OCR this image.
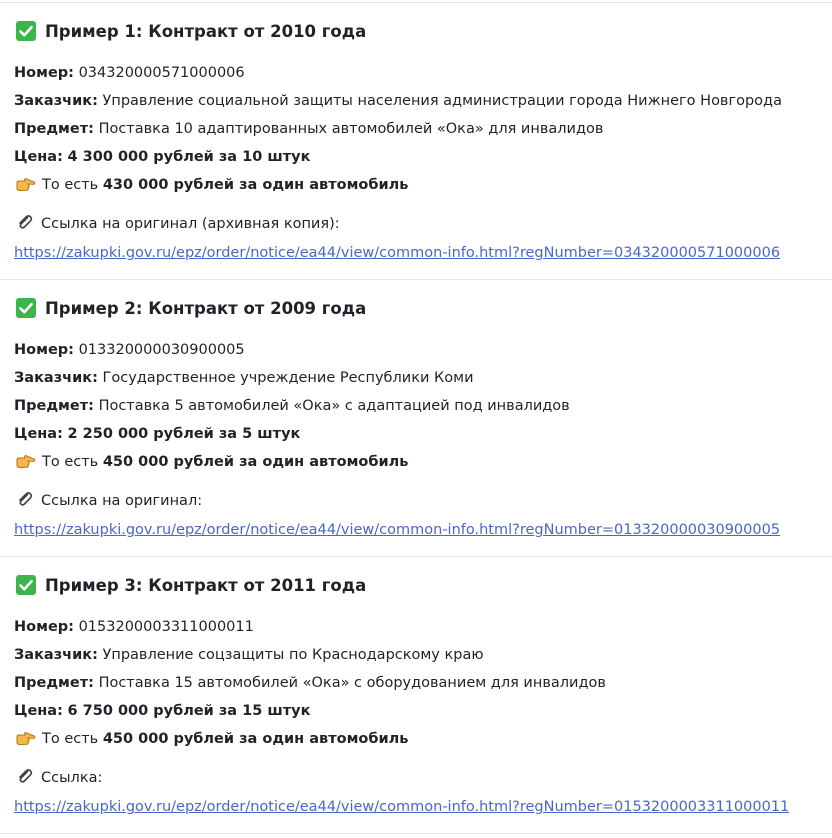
Пример 1: Контракт от 2010 года
Номер: 034320000571000006
Заказчик: Управление социальной защиты населения администрации города Нижнего Новгорода
Предмет: Поставка 10 адаптированных автомобилей «Ока» для инвалидов
Цена: 4 300 000 рублей за 10 штук
То есть 430 000 рублей за один автомобиль
Ссылка на оригинал (архивная копия):
https://zakupki.gov.ru/epz/order/notice/ea44/view/common-info.html?regNumber=034320000571000006
Пример 2: Контракт от 2009 года
Номер: 013320000030900005
Заказчик: Государственное учреждение Республики Коми
Предмет: Поставка 5 автомобилей «Ока» с адаптацией под инвалидов
Цена: 2 250 000 рублей за 5 штук
То есть 450 000 рублей за один автомобиль
Ссылка на оригинал:
https://zakupki.gov.ru/epz/order/notice/ea44/view/common-info.html?regNumber=013320000030900005
Пример 3: Контракт от 2011 года
Номер: 0153200003311000011
Заказчик: Управление соцзащиты по Краснодарскому краю
Предмет: Поставка 15 автомобилей «Ока» с оборудованием для инвалидов
Цена: 6 750 000 рублей за 15 штук
То есть 450 000 рублей за один автомобиль
Ссылка:
https://zakupki.gov.ru/epz/order/notice/ea44/view/common-info.html?regNumber=0153200003311000011
